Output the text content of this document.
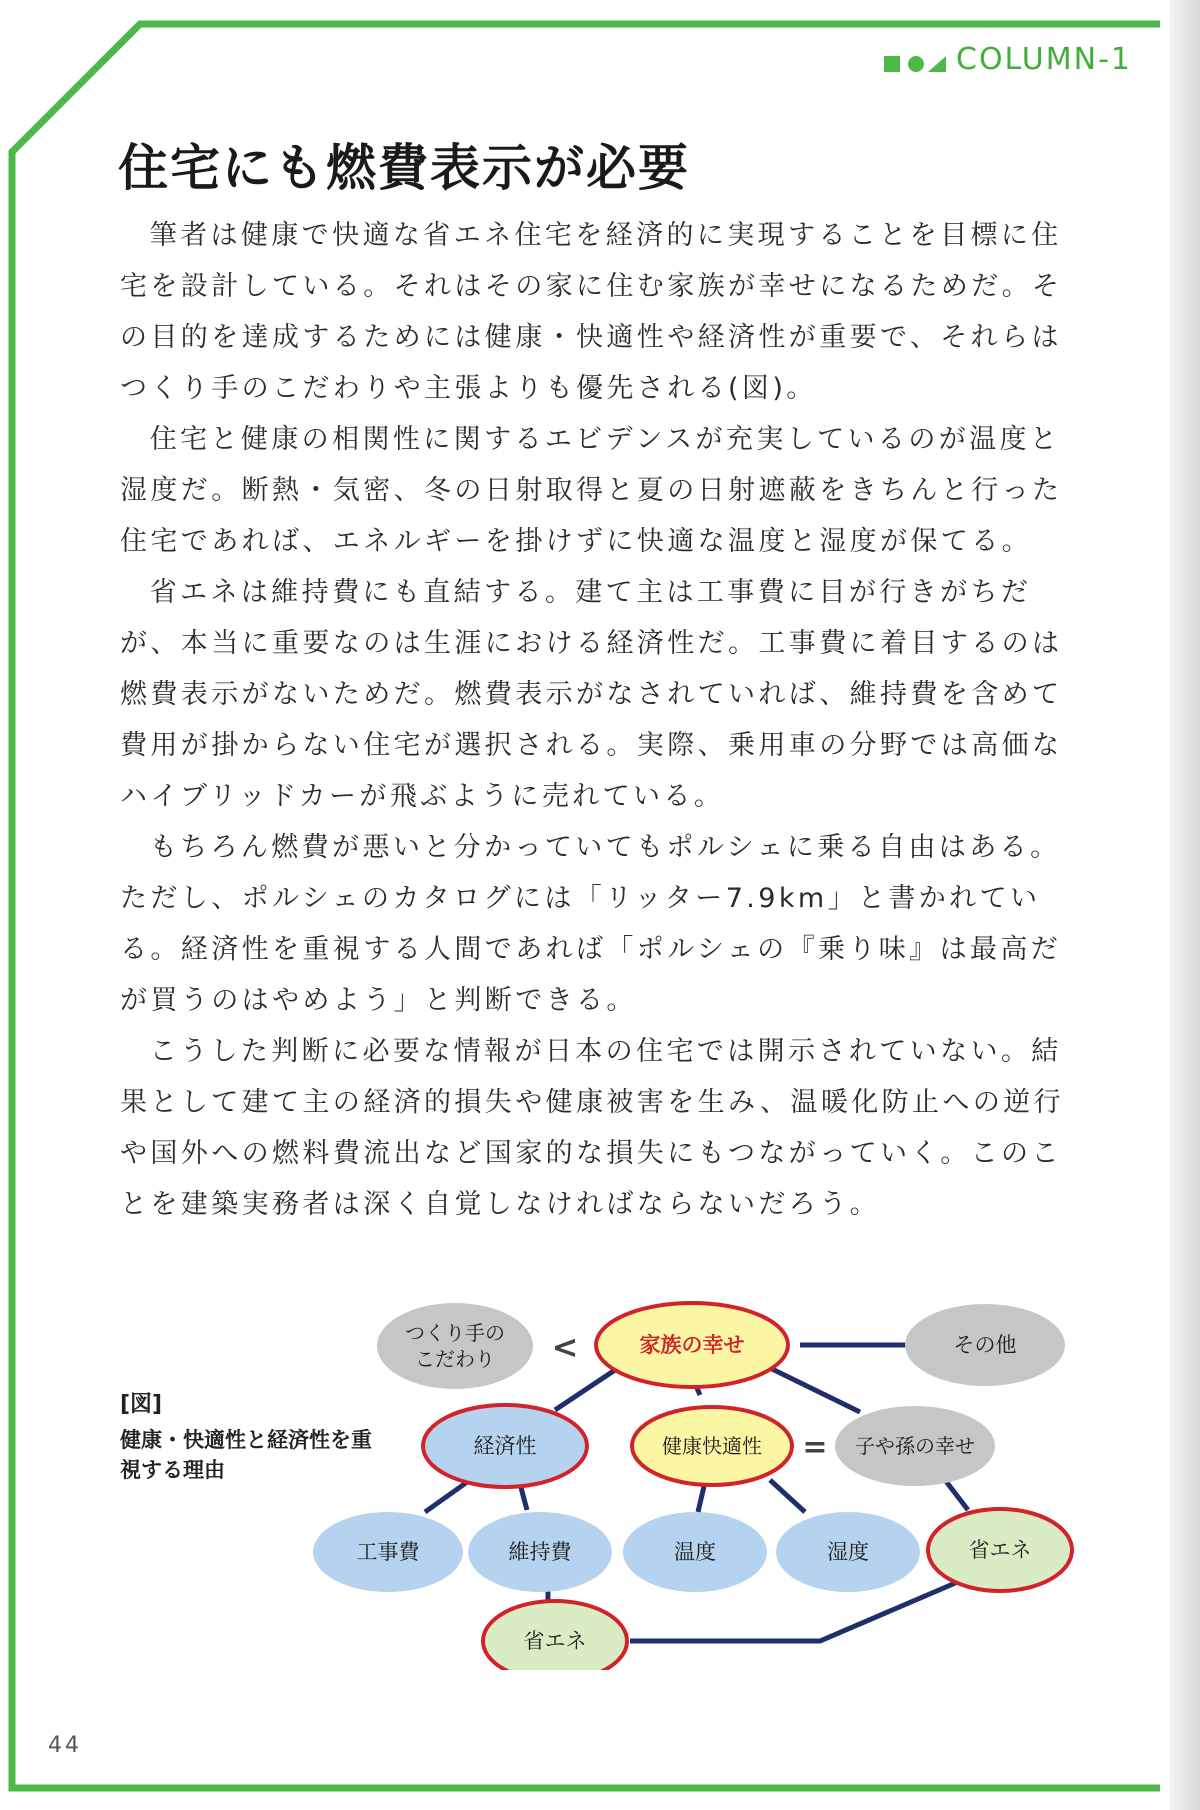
COLUMN-1
住宅にも燃費表示が必要

筆者は健康で快適な省エネ住宅を経済的に実現することを目標に住宅を設計している。それはその家に住む家族が幸せになるためだ。その目的を達成するためには健康・快適性や経済性が重要で、それらはつくり手のこだわりや主張よりも優先される(図)。

住宅と健康の相関性に関するエビデンスが充実しているのが温度と湿度だ。断熱・気密、冬の日射取得と夏の日射遮蔽をきちんと行った住宅であれば、エネルギーを掛けずに快適な温度と湿度が保てる。

省エネは維持費にも直結する。建て主は工事費に目が行きがちだが、本当に重要なのは生涯における経済性だ。工事費に着目するのは燃費表示がないためだ。燃費表示がなされていれば、維持費を含めて費用が掛からない住宅が選択される。実際、乗用車の分野では高価なハイブリッドカーが飛ぶように売れている。

もちろん燃費が悪いと分かっていてもポルシェに乗る自由はある。ただし、ポルシェのカタログには「リッター7.9km」と書かれている。経済性を重視する人間であれば「ポルシェの『乗り味』は最高だが買うのはやめよう」と判断できる。

こうした判断に必要な情報が日本の住宅では開示されていない。結果として建て主の経済的損失や健康被害を生み、温暖化防止への逆行や国外への燃料費流出など国家的な損失にもつながっていく。このことを建築実務者は深く自覚しなければならないだろう。

[図]
健康・快適性と経済性を重視する理由
つくり手の
こだわり <	家族の幸せ	その他
経済性	健康快適性 = 子や孫の幸せ
工事費	維持費	温度	湿度	省エネ
省エネ
44
